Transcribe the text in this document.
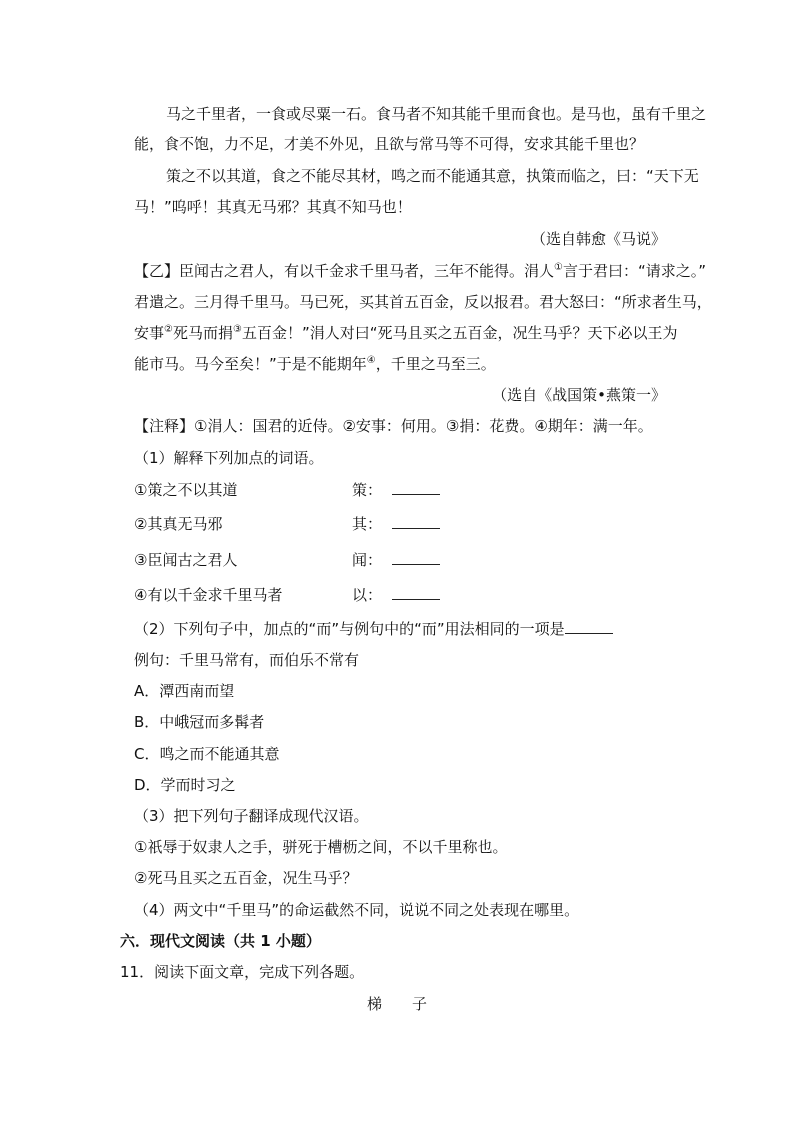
马之千里者，一食或尽粟一石。食马者不知其能千里而食也。是马也，虽有千里之
能，食不饱，力不足，才美不外见，且欲与常马等不可得，安求其能千里也？
策之不以其道，食之不能尽其材，鸣之而不能通其意，执策而临之，曰：“天下无
马！”呜呼！其真无马邪？其真不知马也！
（选自韩愈《马说》
【乙】臣闻古之君人，有以千金求千里马者，三年不能得。涓人①言于君曰：“请求之。”
君遣之。三月得千里马。马已死，买其首五百金，反以报君。君大怒曰：“所求者生马，
安事②死马而捐③五百金！”涓人对曰“死马且买之五百金，况生马乎？天下必以王为
能市马。马今至矣！”于是不能期年④，千里之马至三。
（选自《战国策•燕策一》
【注释】①涓人：国君的近侍。②安事：何用。③捐：花费。④期年：满一年。
（1）解释下列加点的词语。
①策之不以其道	策：
②其真无马邪	其：
③臣闻古之君人	闻：
④有以千金求千里马者	以：
（2）下列句子中，加点的“而”与例句中的“而”用法相同的一项是
例句：千里马常有，而伯乐不常有
A．潭西南而望
B．中峨冠而多髯者
C．鸣之而不能通其意
D．学而时习之
（3）把下列句子翻译成现代汉语。
①祇辱于奴隶人之手，骈死于槽枥之间，不以千里称也。
②死马且买之五百金，况生马乎？
（4）两文中“千里马”的命运截然不同，说说不同之处表现在哪里。
六．现代文阅读（共 1 小题）
11．阅读下面文章，完成下列各题。
梯　　子
